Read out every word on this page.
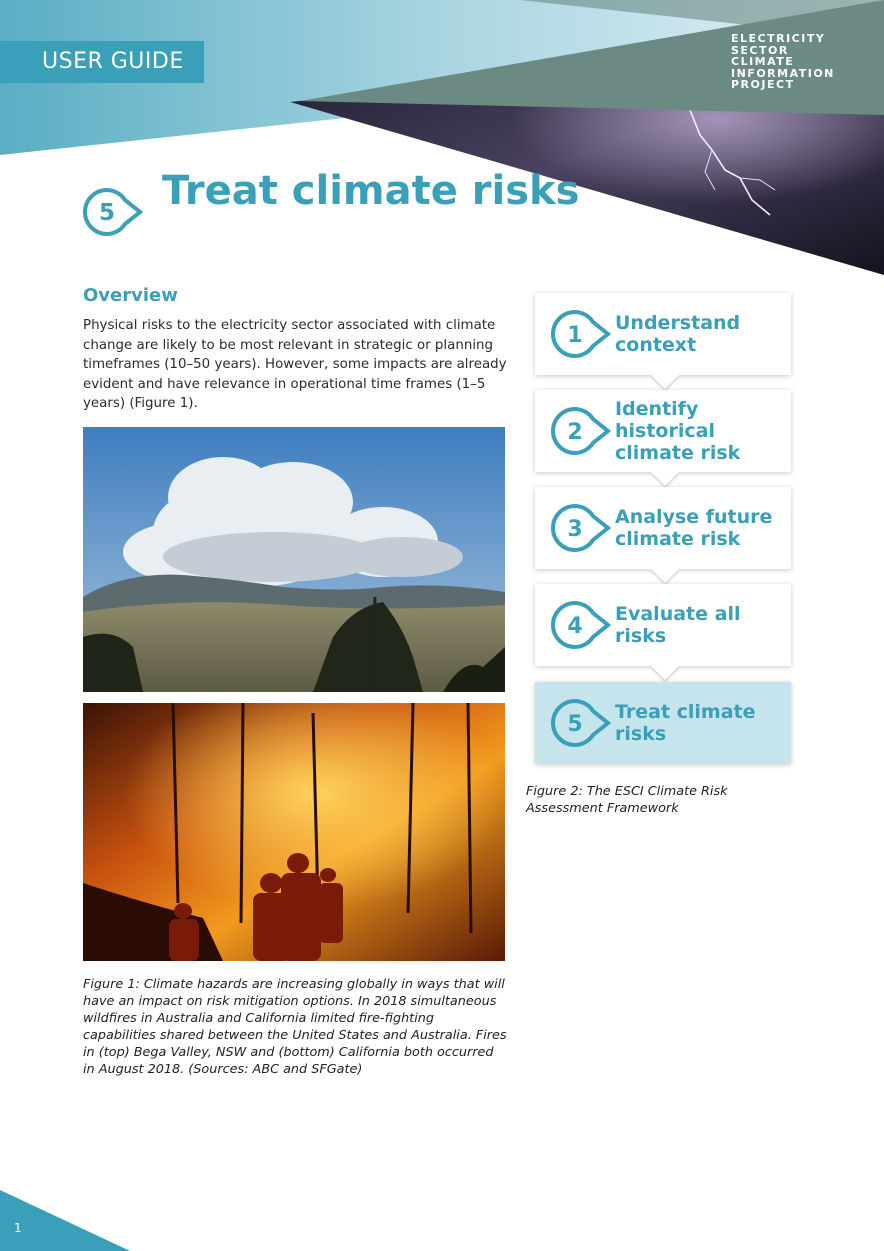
USER GUIDE
ELECTRICITY
SECTOR
CLIMATE
INFORMATION
PROJECT
5 Treat climate risks
Overview
Physical risks to the electricity sector associated with climate change are likely to be most relevant in strategic or planning timeframes (10–50 years). However, some impacts are already evident and have relevance in operational time frames (1–5 years) (Figure 1).
Figure 1: Climate hazards are increasing globally in ways that will have an impact on risk mitigation options. In 2018 simultaneous wildfires in Australia and California limited fire-fighting capabilities shared between the United States and Australia. Fires in (top) Bega Valley, NSW and (bottom) California both occurred in August 2018. (Sources: ABC and SFGate)
1 Understand context
2
Identify historical climate risk
3 Analyse future climate risk
4 Evaluate all risks
5 Treat climate risks
Figure 2: The ESCI Climate Risk Assessment Framework
1
